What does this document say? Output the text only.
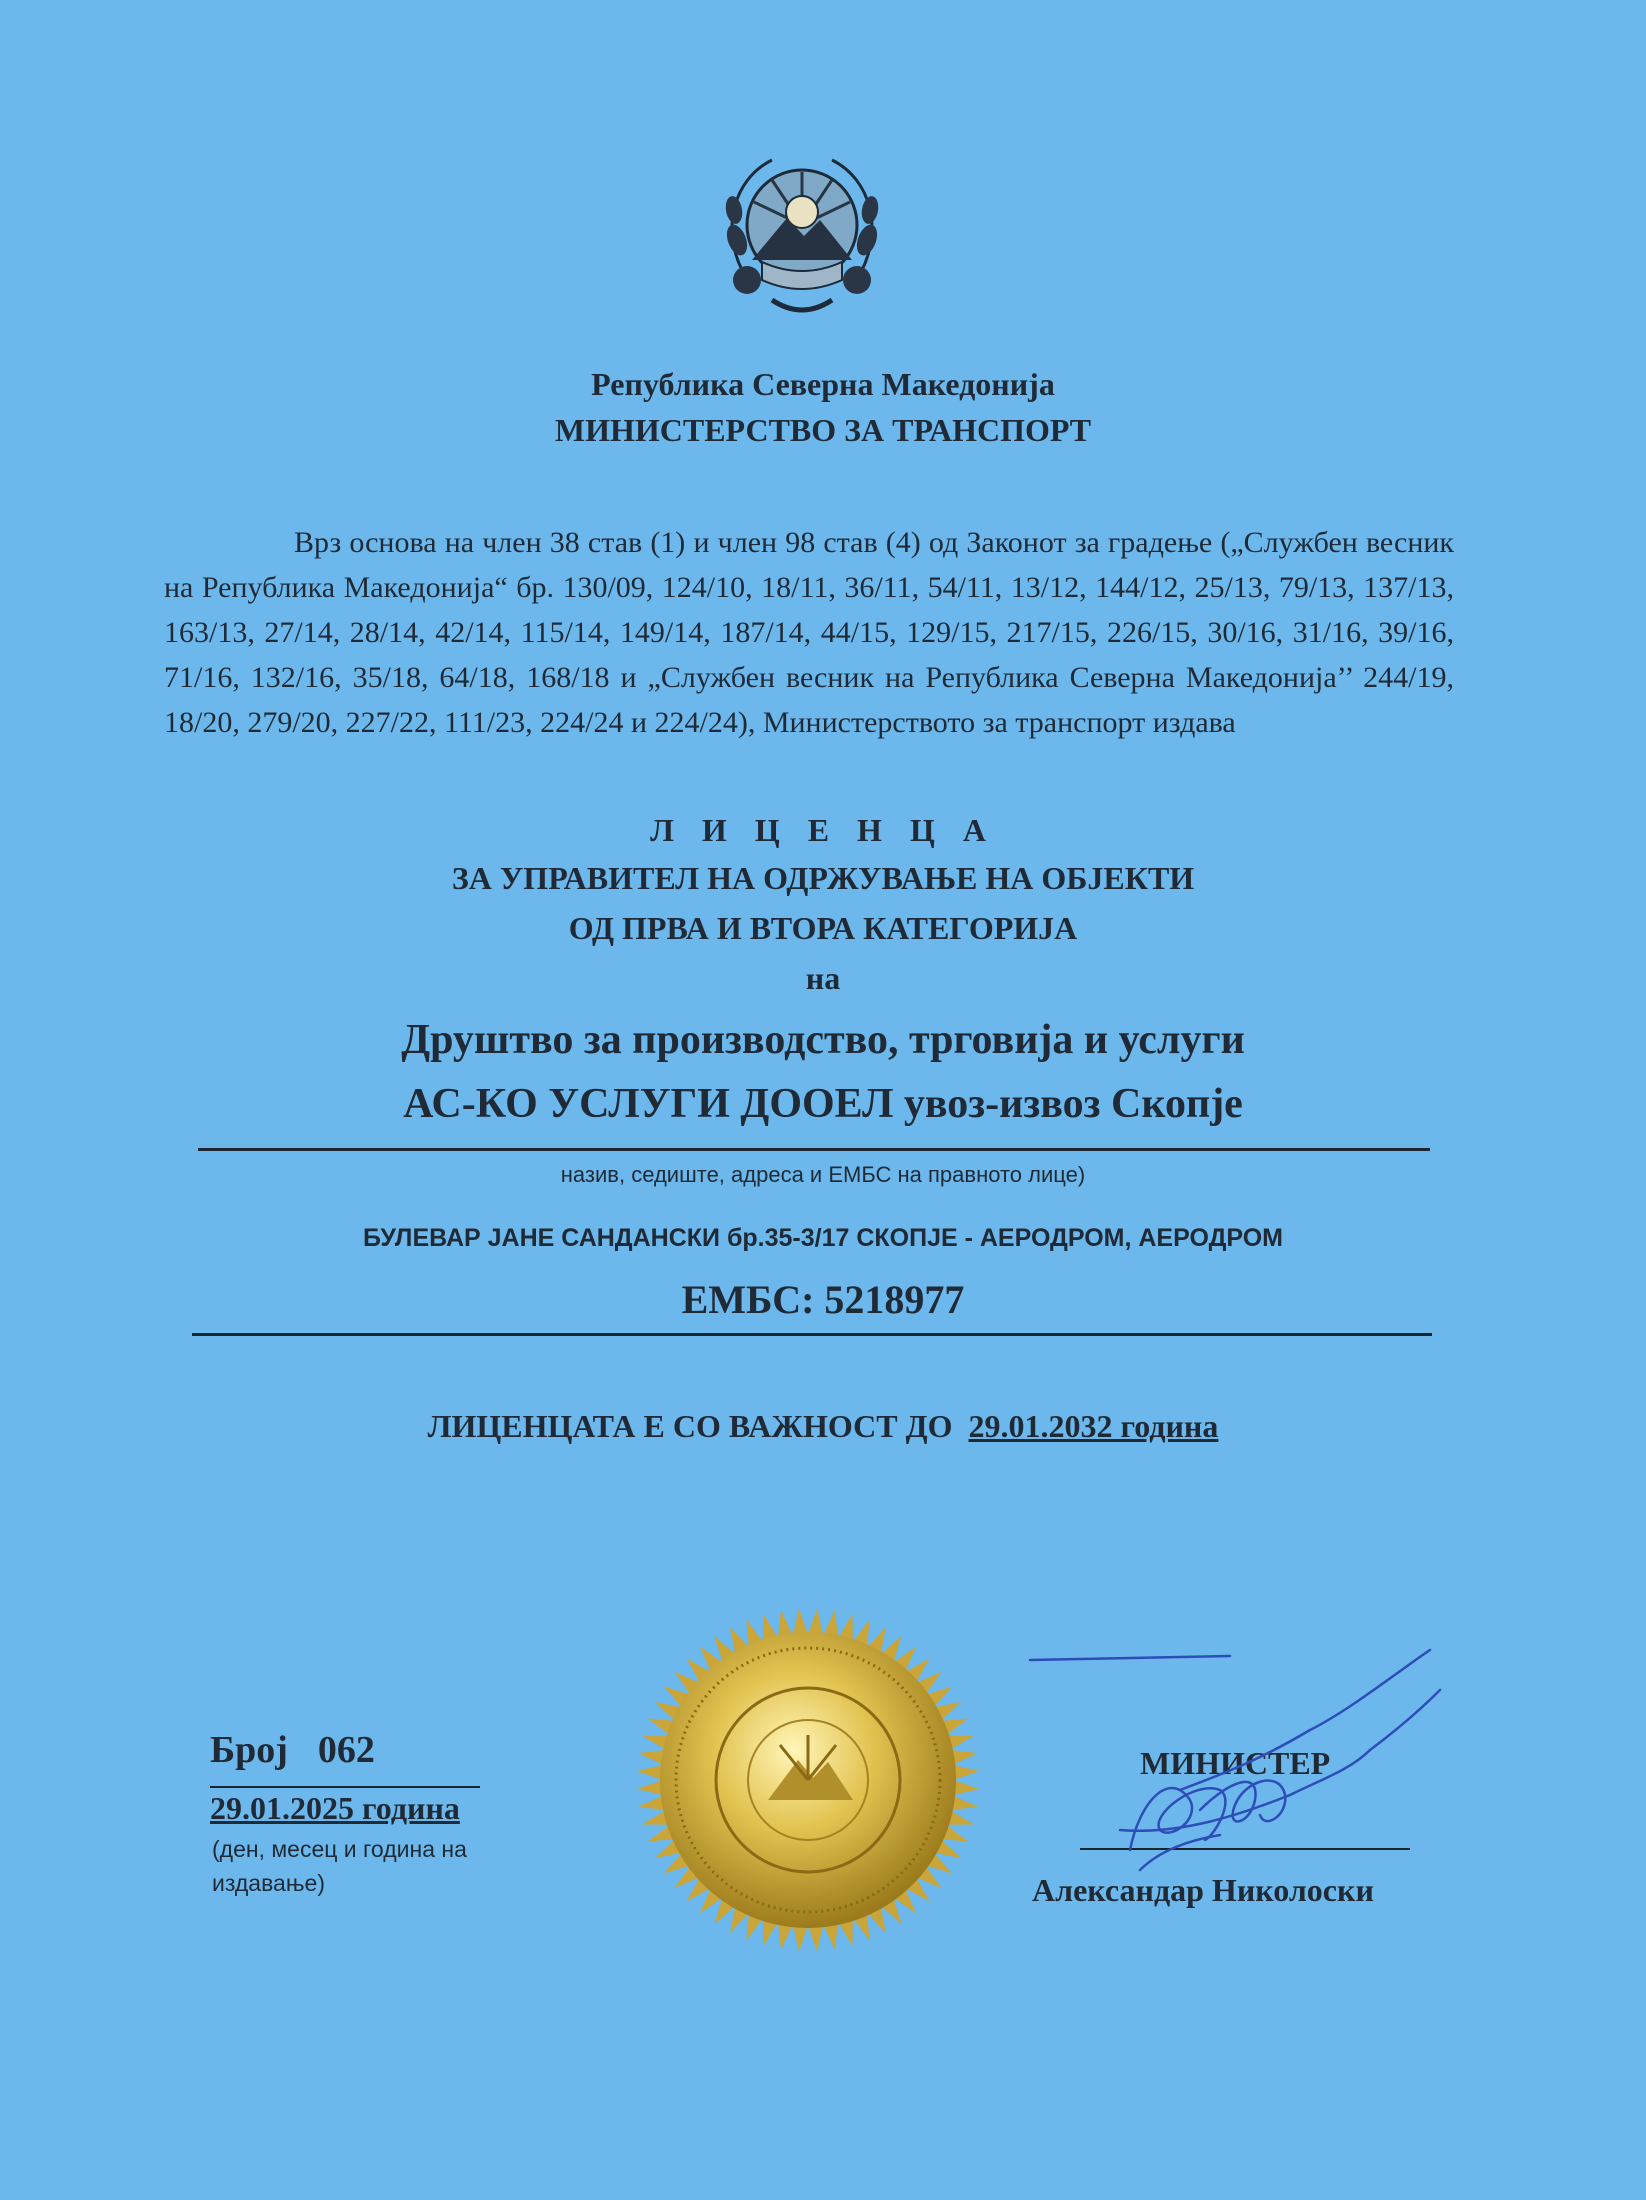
Република Северна Македонија
МИНИСТЕРСТВО ЗА ТРАНСПОРТ
Врз основа на член 38 став (1) и член 98 став (4) од Законот за градење („Службен весник на Република Македонија“ бр. 130/09, 124/10, 18/11, 36/11, 54/11, 13/12, 144/12, 25/13, 79/13, 137/13, 163/13, 27/14, 28/14, 42/14, 115/14, 149/14, 187/14, 44/15, 129/15, 217/15, 226/15, 30/16, 31/16, 39/16, 71/16, 132/16, 35/18, 64/18, 168/18 и „Службен весник на Република Северна Македонија’’ 244/19, 18/20, 279/20, 227/22, 111/23, 224/24 и 224/24), Министерството за транспорт издава
Л И Ц Е Н Ц А
ЗА УПРАВИТЕЛ НА ОДРЖУВАЊЕ НА ОБЈЕКТИ
ОД ПРВА И ВТОРА КАТЕГОРИЈА
на
Друштво за производство, трговија и услуги
АС-КО УСЛУГИ ДООЕЛ увоз-извоз Скопје
назив, седиште, адреса и ЕМБС на правното лице)
БУЛЕВАР ЈАНЕ САНДАНСКИ бр.35-3/17 СКОПЈЕ - АЕРОДРОМ, АЕРОДРОМ
ЕМБС: 5218977
ЛИЦЕНЦАТА Е СО ВАЖНОСТ ДО 29.01.2032 година
Број 062
29.01.2025 година
(ден, месец и година на издавање)
МИНИСТЕР
Александар Николоски
